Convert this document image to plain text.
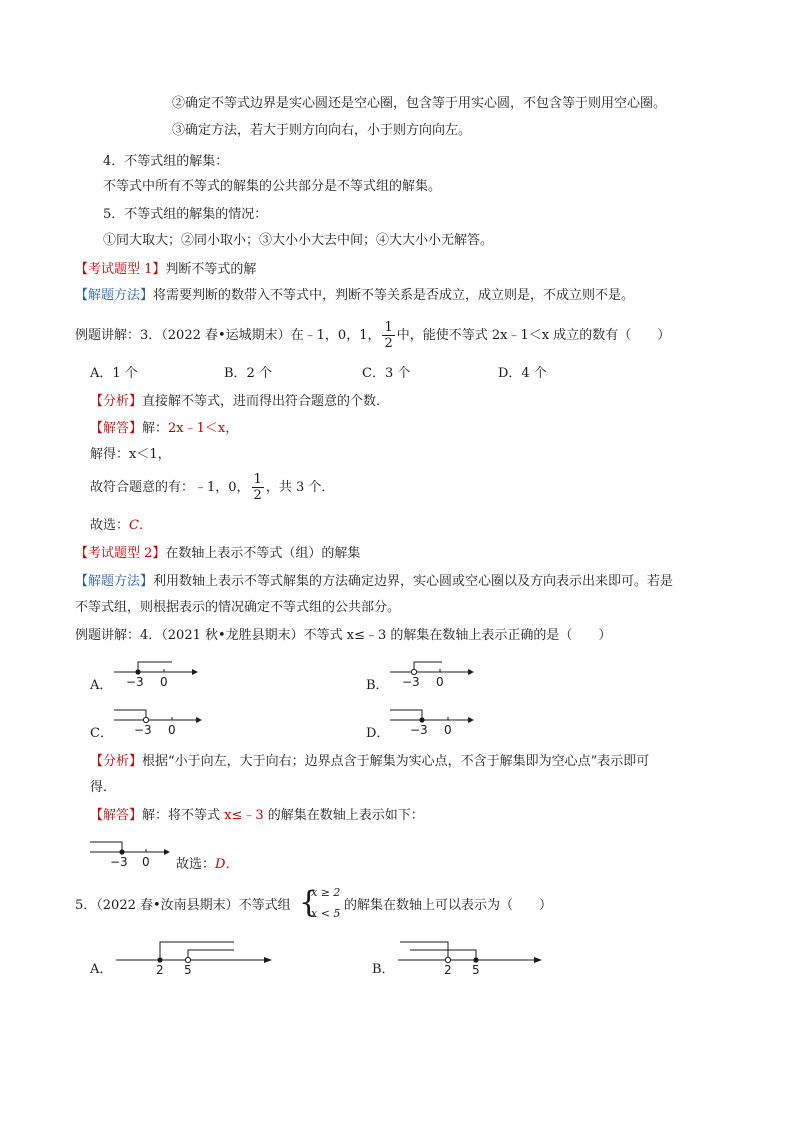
②确定不等式边界是实心圆还是空心圈，包含等于用实心圆，不包含等于则用空心圈。
③确定方法，若大于则方向向右，小于则方向向左。
4．不等式组的解集：
不等式中所有不等式的解集的公共部分是不等式组的解集。
5．不等式组的解集的情况：
①同大取大；②同小取小；③大小小大去中间；④大大小小无解答。
【考试题型 1】判断不等式的解
【解题方法】将需要判断的数带入不等式中，判断不等关系是否成立，成立则是，不成立则不是。
例题讲解：3．（2022 春•运城期末）在﹣1，0，1， $\frac{1}{2}$ 中，能使不等式 2x﹣1＜x 成立的数有（　　）
A．1 个	B．2 个	C．3 个	D．4 个
【分析】直接解不等式，进而得出符合题意的个数．
【解答】解：2x﹣1＜x，
解得：x＜1，
故符合题意的有：﹣1，0， $\frac{1}{2}$ ，共 3 个．
故选：C．
【考试题型 2】在数轴上表示不等式（组）的解集
【解题方法】利用数轴上表示不等式解集的方法确定边界，实心圆或空心圈以及方向表示出来即可。若是
不等式组，则根据表示的情况确定不等式组的公共部分。
例题讲解：4．（2021 秋•龙胜县期末）不等式 x≤﹣3 的解集在数轴上表示正确的是（　　）
A． −3 0	B． −3 0
C． −3 0	D． −3 0
【分析】根据“小于向左，大于向右；边界点含于解集为实心点，不含于解集即为空心点”表示即可
得．
【解答】解：将不等式 x≤﹣3 的解集在数轴上表示如下：
−3 0 故选：D．
5．（2022 春•汝南县期末）不等式组 {
x ≥ 2
x < 5
的解集在数轴上可以表示为（　　）
A．	2 5	B．	2 5
